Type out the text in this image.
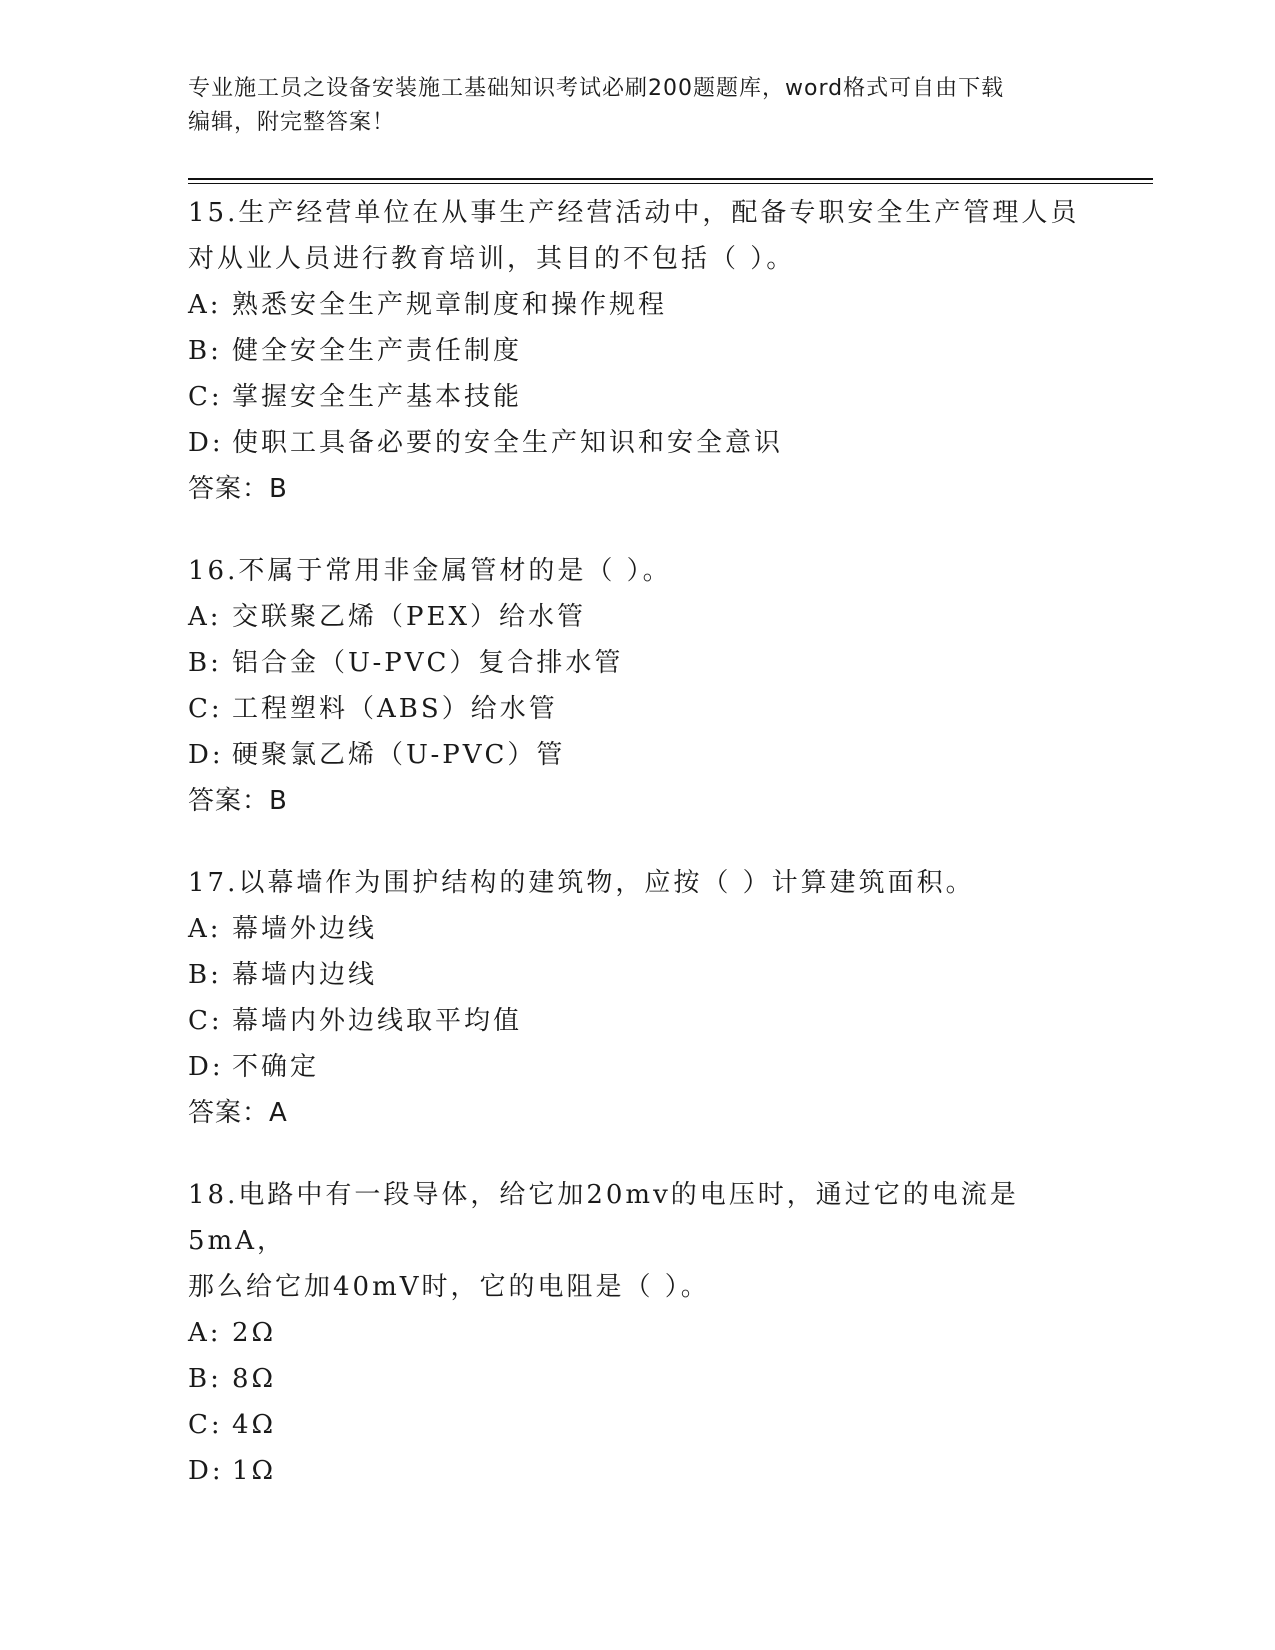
专业施工员之设备安装施工基础知识考试必刷200题题库，word格式可自由下载
编辑，附完整答案！

15.生产经营单位在从事生产经营活动中，配备专职安全生产管理人员

对从业人员进行教育培训，其目的不包括（ ）。

A: 熟悉安全生产规章制度和操作规程

B: 健全安全生产责任制度

C: 掌握安全生产基本技能

D: 使职工具备必要的安全生产知识和安全意识

答案：B

16.不属于常用非金属管材的是（ ）。

A: 交联聚乙烯（PEX）给水管

B: 铝合金（U-PVC）复合排水管

C: 工程塑料（ABS）给水管

D: 硬聚氯乙烯（U-PVC）管

答案：B

17.以幕墙作为围护结构的建筑物，应按（ ）计算建筑面积。

A: 幕墙外边线

B: 幕墙内边线

C: 幕墙内外边线取平均值

D: 不确定

答案：A

18.电路中有一段导体，给它加20mv的电压时，通过它的电流是5mA，

那么给它加40mV时，它的电阻是（ ）。

A: 2Ω

B: 8Ω

C: 4Ω

D: 1Ω
